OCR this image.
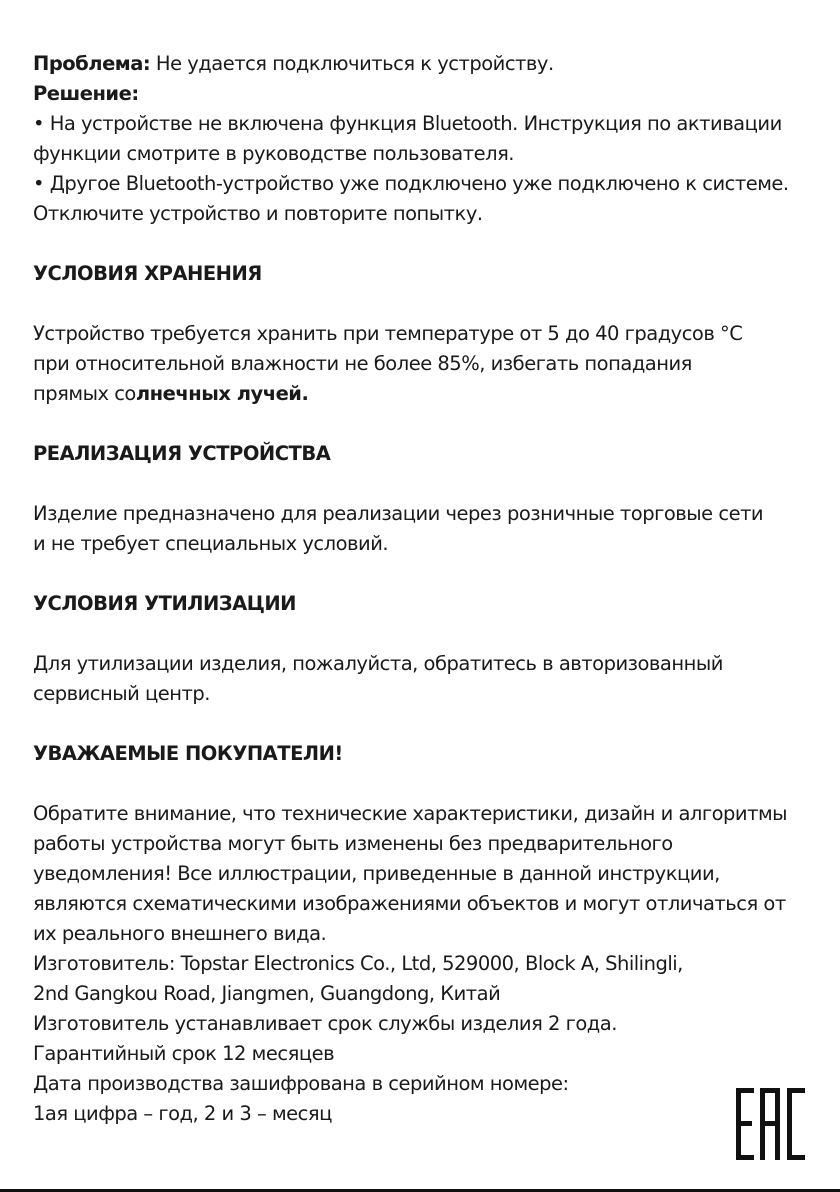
Проблема: Не удается подключиться к устройству.
Решение:
• На устройстве не включена функция Bluetooth. Инструкция по активации
функции смотрите в руководстве пользователя.
• Другое Bluetooth-устройство уже подключено уже подключено к системе.
Отключите устройство и повторите попытку.
УСЛОВИЯ ХРАНЕНИЯ
Устройство требуется хранить при температуре от 5 до 40 градусов °С
при относительной влажности не более 85%, избегать попадания
прямых солнечных лучей.
РЕАЛИЗАЦИЯ УСТРОЙСТВА
Изделие предназначено для реализации через розничные торговые сети
и не требует специальных условий.
УСЛОВИЯ УТИЛИЗАЦИИ
Для утилизации изделия, пожалуйста, обратитесь в авторизованный
сервисный центр.
УВАЖАЕМЫЕ ПОКУПАТЕЛИ!
Обратите внимание, что технические характеристики, дизайн и алгоритмы
работы устройства могут быть изменены без предварительного
уведомления! Все иллюстрации, приведенные в данной инструкции,
являются схематическими изображениями объектов и могут отличаться от
их реального внешнего вида.
Изготовитель: Topstar Electronics Co., Ltd, 529000, Block A, Shilingli,
2nd Gangkou Road, Jiangmen, Guangdong, Китай
Изготовитель устанавливает срок службы изделия 2 года.
Гарантийный срок 12 месяцев
Дата производства зашифрована в серийном номере:
1ая цифра – год, 2 и 3 – месяц
